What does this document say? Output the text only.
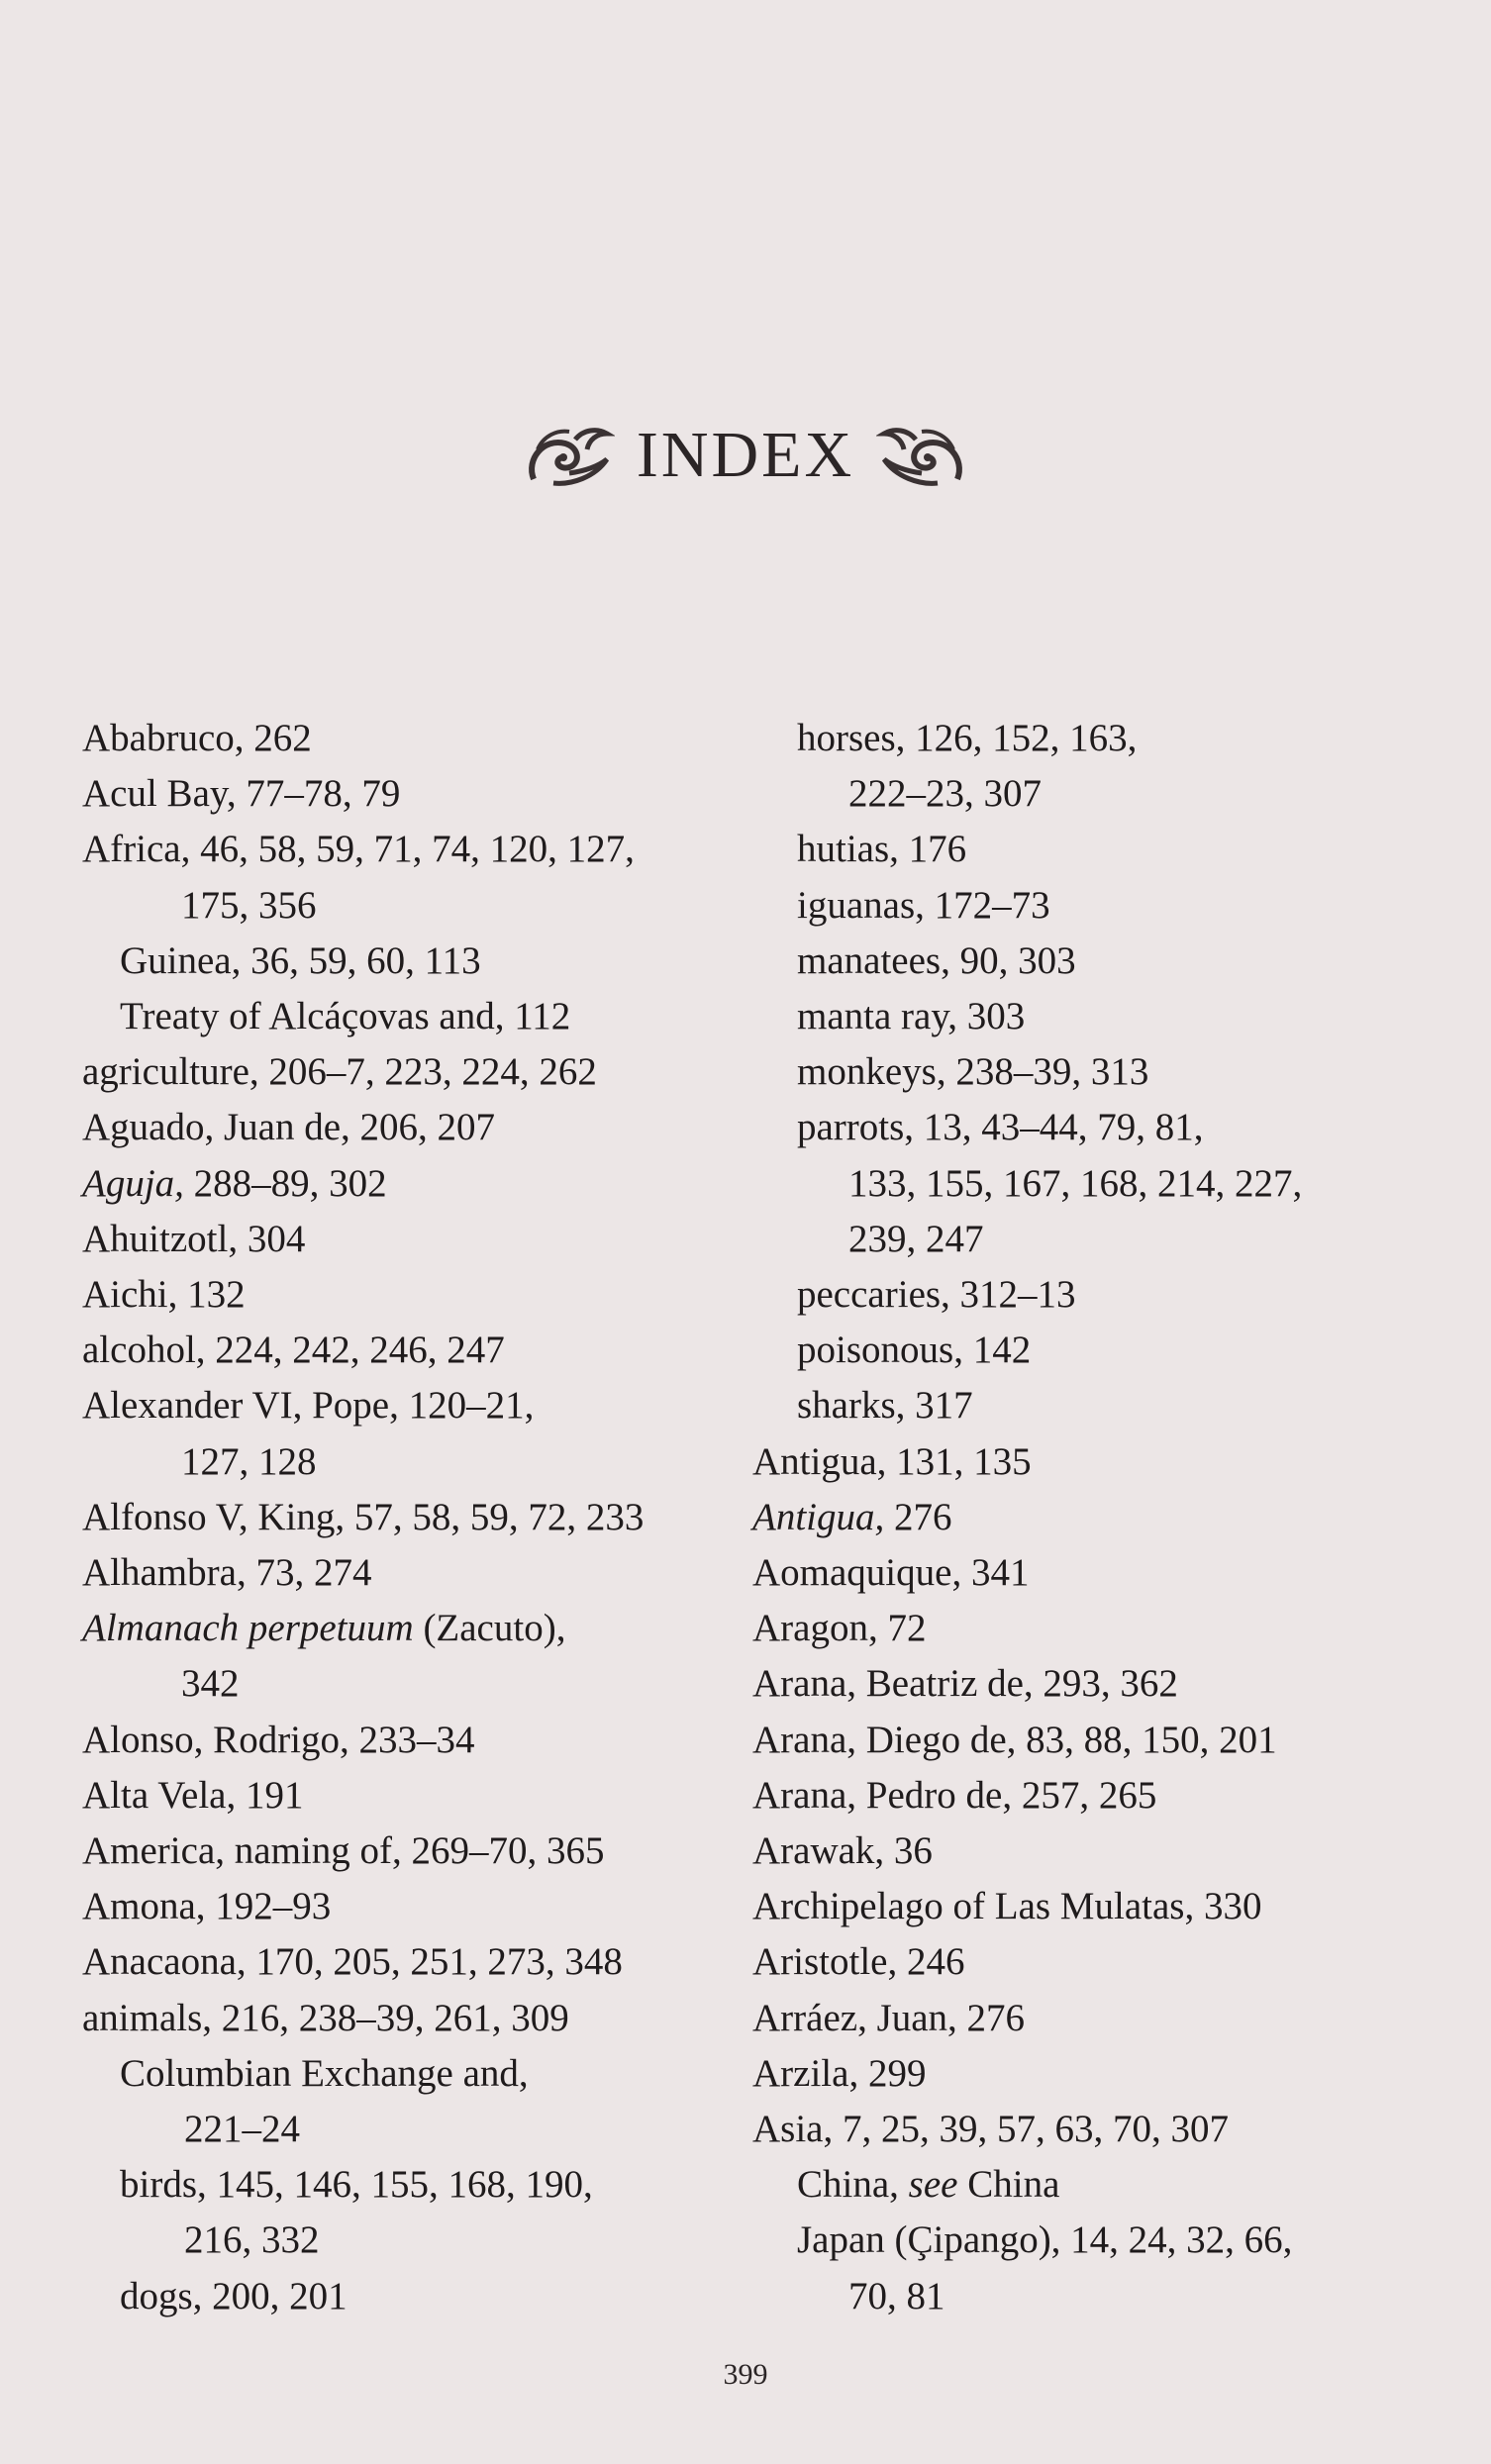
INDEX
Ababruco, 262
Acul Bay, 77–78, 79
Africa, 46, 58, 59, 71, 74, 120, 127,
175, 356
Guinea, 36, 59, 60, 113
Treaty of Alcáçovas and, 112
agriculture, 206–7, 223, 224, 262
Aguado, Juan de, 206, 207
Aguja, 288–89, 302
Ahuitzotl, 304
Aichi, 132
alcohol, 224, 242, 246, 247
Alexander VI, Pope, 120–21,
127, 128
Alfonso V, King, 57, 58, 59, 72, 233
Alhambra, 73, 274
Almanach perpetuum (Zacuto),
342
Alonso, Rodrigo, 233–34
Alta Vela, 191
America, naming of, 269–70, 365
Amona, 192–93
Anacaona, 170, 205, 251, 273, 348
animals, 216, 238–39, 261, 309
Columbian Exchange and,
221–24
birds, 145, 146, 155, 168, 190,
216, 332
dogs, 200, 201
horses, 126, 152, 163,
222–23, 307
hutias, 176
iguanas, 172–73
manatees, 90, 303
manta ray, 303
monkeys, 238–39, 313
parrots, 13, 43–44, 79, 81,
133, 155, 167, 168, 214, 227,
239, 247
peccaries, 312–13
poisonous, 142
sharks, 317
Antigua, 131, 135
Antigua, 276
Aomaquique, 341
Aragon, 72
Arana, Beatriz de, 293, 362
Arana, Diego de, 83, 88, 150, 201
Arana, Pedro de, 257, 265
Arawak, 36
Archipelago of Las Mulatas, 330
Aristotle, 246
Arráez, Juan, 276
Arzila, 299
Asia, 7, 25, 39, 57, 63, 70, 307
China, see China
Japan (Çipango), 14, 24, 32, 66,
70, 81
399
